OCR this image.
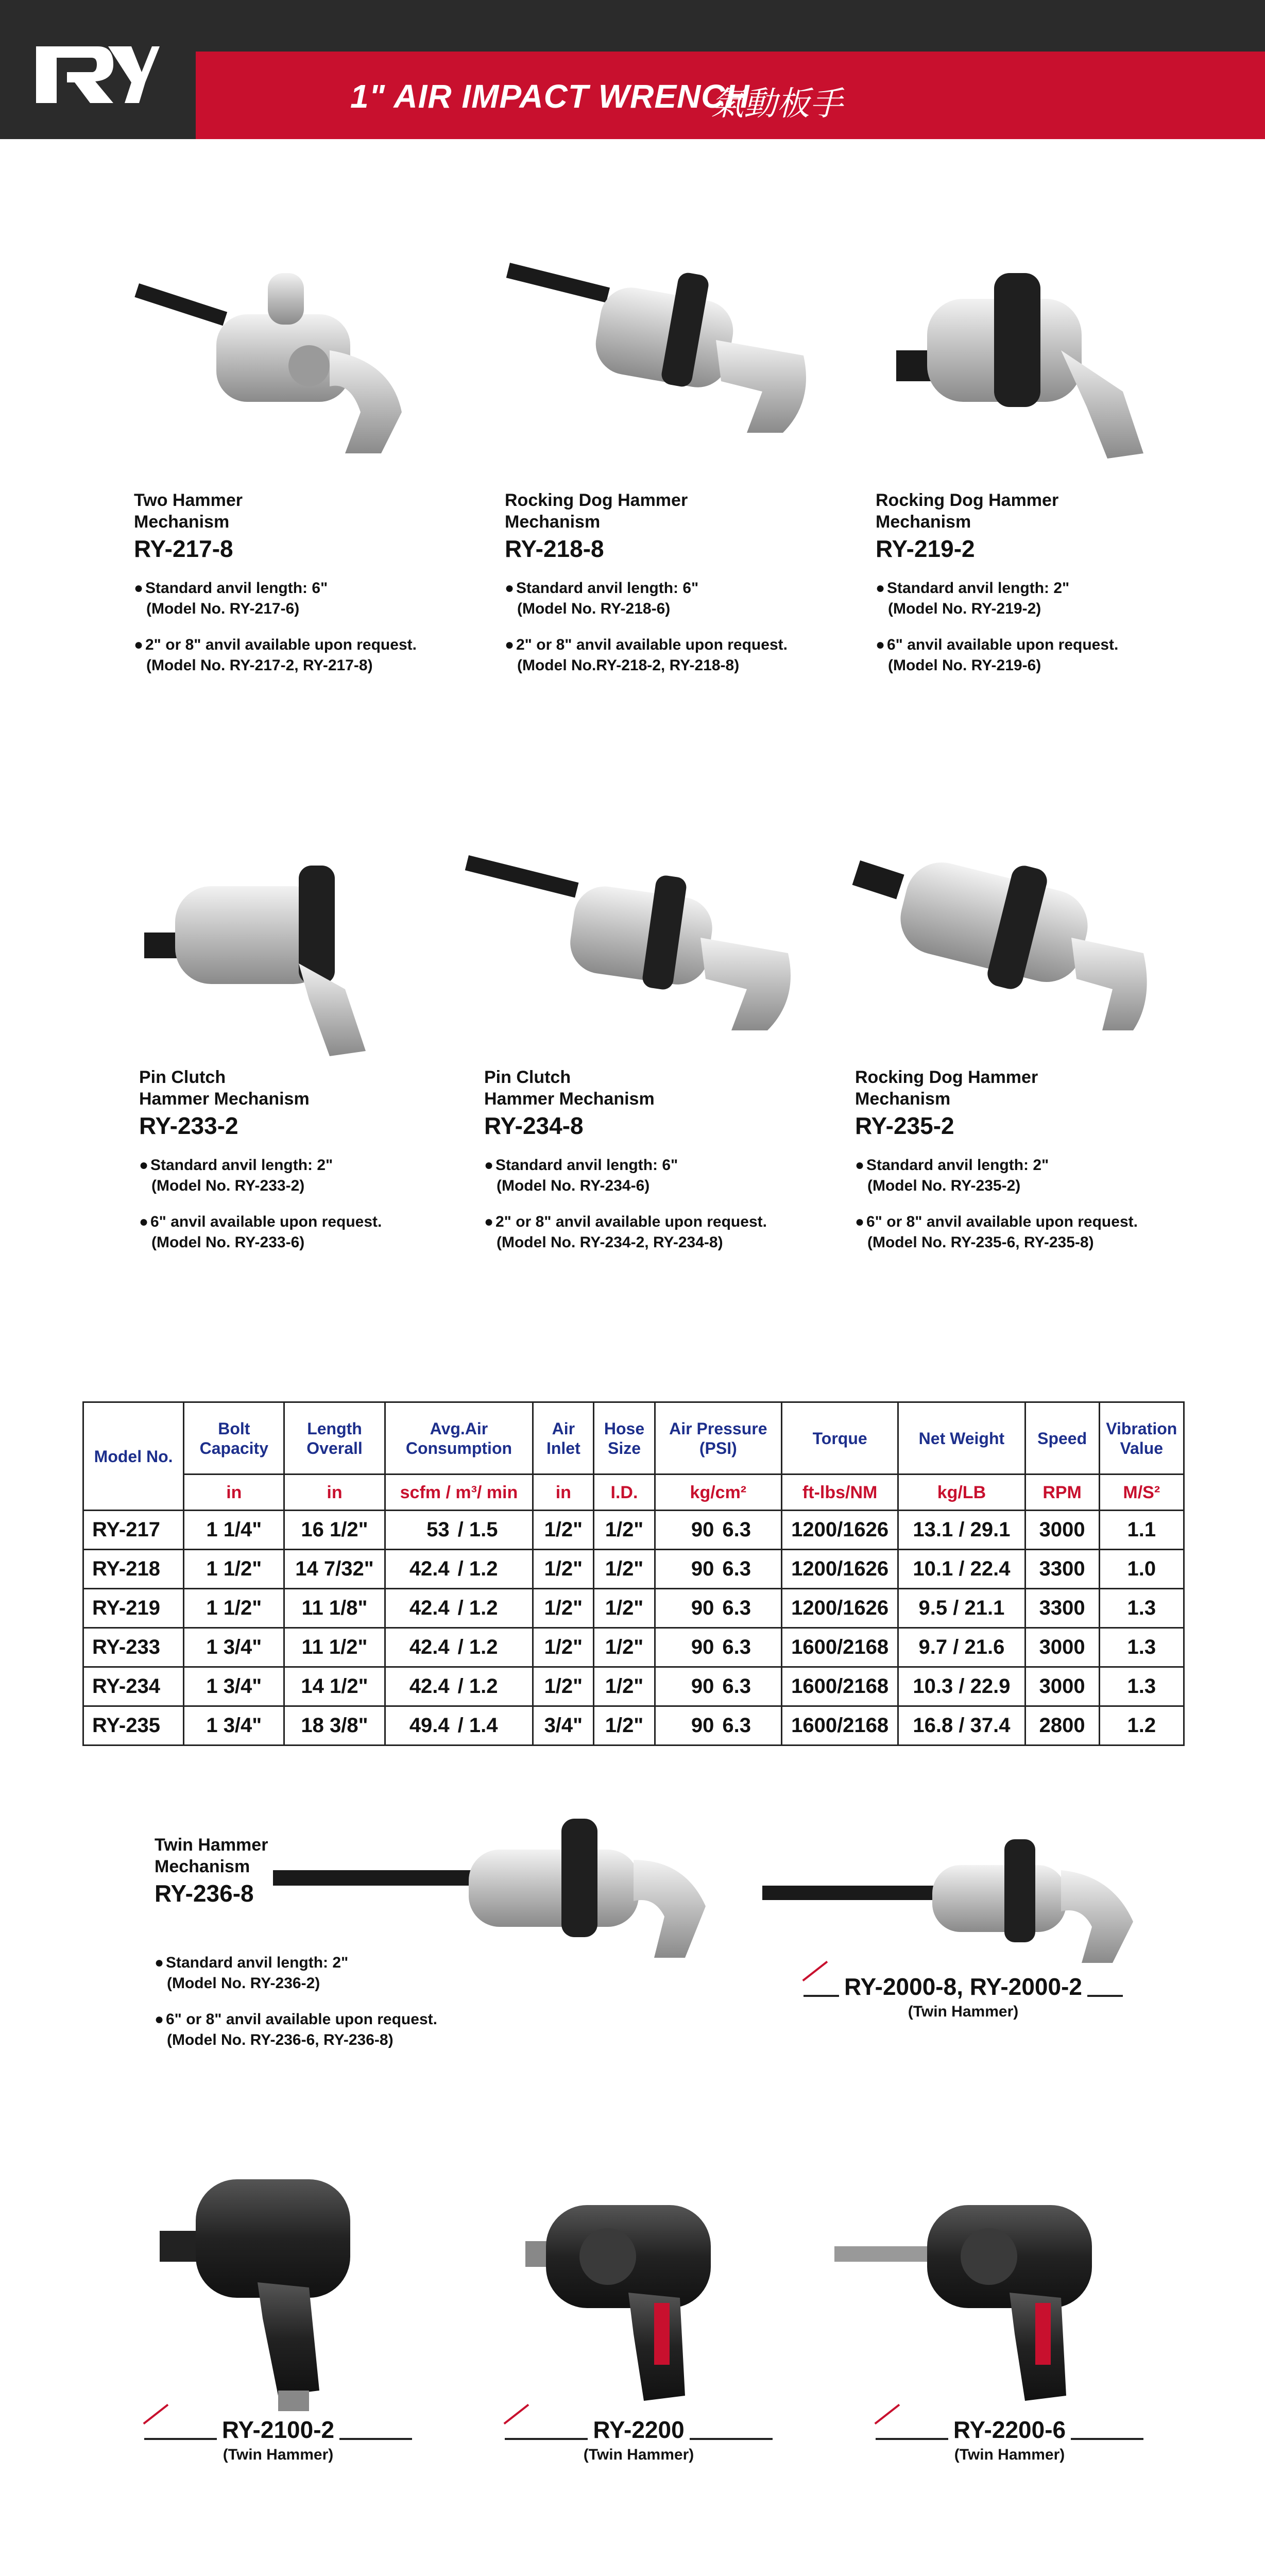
1" AIR IMPACT WRENCH
氣動板手
Two Hammer
Mechanism
RY-217-8
● Standard anvil length: 6"
(Model No. RY-217-6)
● 2" or 8" anvil available upon request.
(Model No. RY-217-2, RY-217-8)
Rocking Dog Hammer
Mechanism
RY-218-8
● Standard anvil length: 6"
(Model No. RY-218-6)
● 2" or 8" anvil available upon request.
(Model No.RY-218-2, RY-218-8)
Rocking Dog Hammer
Mechanism
RY-219-2
● Standard anvil length: 2"
(Model No. RY-219-2)
● 6" anvil available upon request.
(Model No. RY-219-6)
Pin Clutch
Hammer Mechanism
RY-233-2
● Standard anvil length: 2"
(Model No. RY-233-2)
● 6" anvil available upon request.
(Model No. RY-233-6)
Pin Clutch
Hammer Mechanism
RY-234-8
● Standard anvil length: 6"
(Model No. RY-234-6)
● 2" or 8" anvil available upon request.
(Model No. RY-234-2, RY-234-8)
Rocking Dog Hammer
Mechanism
RY-235-2
● Standard anvil length: 2"
(Model No. RY-235-2)
● 6" or 8" anvil available upon request.
(Model No. RY-235-6, RY-235-8)
Model No.	Bolt Capacity	Length Overall	Avg.Air Consumption		Air Inlet	Hose Size	Air Pressure (PSI)		Torque	Net Weight	Speed	Vibration Value
	in	in	scfm / m³/ min		in	I.D.	kg/cm²		ft-lbs/NM	kg/LB	RPM	M/S²
RY-217	1 1/4"	16 1/2"	53	/ 1.5	1/2"	1/2"	90	6.3	1200/1626	13.1 / 29.1	3000	1.1
RY-218	1 1/2"	14 7/32"	42.4	/ 1.2	1/2"	1/2"	90	6.3	1200/1626	10.1 / 22.4	3300	1.0
RY-219	1 1/2"	11 1/8"	42.4	/ 1.2	1/2"	1/2"	90	6.3	1200/1626	9.5 / 21.1	3300	1.3
RY-233	1 3/4"	11 1/2"	42.4	/ 1.2	1/2"	1/2"	90	6.3	1600/2168	9.7 / 21.6	3000	1.3
RY-234	1 3/4"	14 1/2"	42.4	/ 1.2	1/2"	1/2"	90	6.3	1600/2168	10.3 / 22.9	3000	1.3
RY-235	1 3/4"	18 3/8"	49.4	/ 1.4	3/4"	1/2"	90	6.3	1600/2168	16.8 / 37.4	2800	1.2
Twin Hammer
Mechanism
RY-236-8
● Standard anvil length: 2"
(Model No. RY-236-2)
● 6" or 8" anvil available upon request.
(Model No. RY-236-6, RY-236-8)
RY-2000-8, RY-2000-2
(Twin Hammer)
RY-2100-2
(Twin Hammer)
RY-2200
(Twin Hammer)
RY-2200-6
(Twin Hammer)
